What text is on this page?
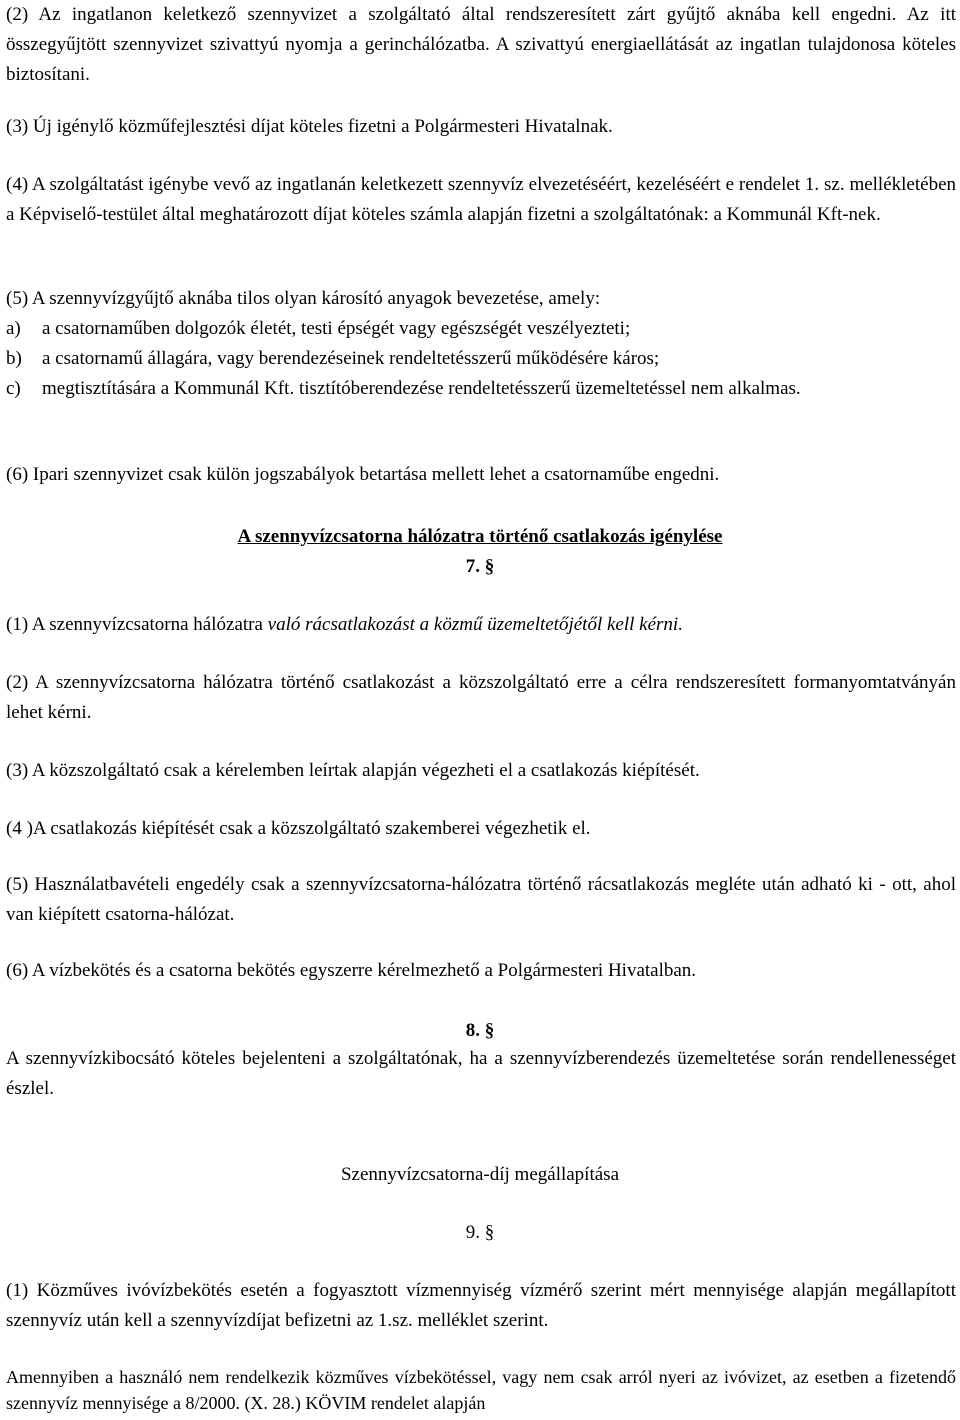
(2) Az ingatlanon keletkező szennyvizet a szolgáltató által rendszeresített zárt gyűjtő aknába kell engedni. Az itt összegyűjtött szennyvizet szivattyú nyomja a gerinchálózatba. A szivattyú energiaellátását az ingatlan tulajdonosa köteles biztosítani.

(3) Új igénylő közműfejlesztési díjat köteles fizetni a Polgármesteri Hivatalnak.

(4) A szolgáltatást igénybe vevő az ingatlanán keletkezett szennyvíz elvezetéséért, kezeléséért e rendelet 1. sz. mellékletében a Képviselő-testület által meghatározott díjat köteles számla alapján fizetni a szolgáltatónak: a Kommunál Kft-nek.

(5) A szennyvízgyűjtő aknába tilos olyan károsító anyagok bevezetése, amely:

a)	a csatornaműben dolgozók életét, testi épségét vagy egészségét veszélyezteti;
b)	a csatornamű állagára, vagy berendezéseinek rendeltetésszerű működésére káros;
c)	megtisztítására a Kommunál Kft. tisztítóberendezése rendeltetésszerű üzemeltetéssel nem alkalmas.

(6) Ipari szennyvizet csak külön jogszabályok betartása mellett lehet a csatornaműbe engedni.

A szennyvízcsatorna hálózatra történő csatlakozás igénylése

7. §

(1) A szennyvízcsatorna hálózatra való rácsatlakozást a közmű üzemeltetőjétől kell kérni.

(2) A szennyvízcsatorna hálózatra történő csatlakozást a közszolgáltató erre a célra rendszeresített formanyomtatványán lehet kérni.

(3) A közszolgáltató csak a kérelemben leírtak alapján végezheti el a csatlakozás kiépítését.

(4 )A csatlakozás kiépítését csak a közszolgáltató szakemberei végezhetik el.

(5) Használatbavételi engedély csak a szennyvízcsatorna-hálózatra történő rácsatlakozás megléte után adható ki - ott, ahol van kiépített csatorna-hálózat.

(6) A vízbekötés és a csatorna bekötés egyszerre kérelmezhető a Polgármesteri Hivatalban.

8. §

A szennyvízkibocsátó köteles bejelenteni a szolgáltatónak, ha a szennyvízberendezés üzemeltetése során rendellenességet észlel.

Szennyvízcsatorna-díj megállapítása

9. §

(1) Közműves ivóvízbekötés esetén a fogyasztott vízmennyiség vízmérő szerint mért mennyisége alapján megállapított szennyvíz után kell a szennyvízdíjat befizetni az 1.sz. melléklet szerint.

Amennyiben a használó nem rendelkezik közműves vízbekötéssel, vagy nem csak arról nyeri az ivóvizet, az esetben a fizetendő szennyvíz mennyisége a 8/2000. (X. 28.) KÖVIM rendelet alapján
